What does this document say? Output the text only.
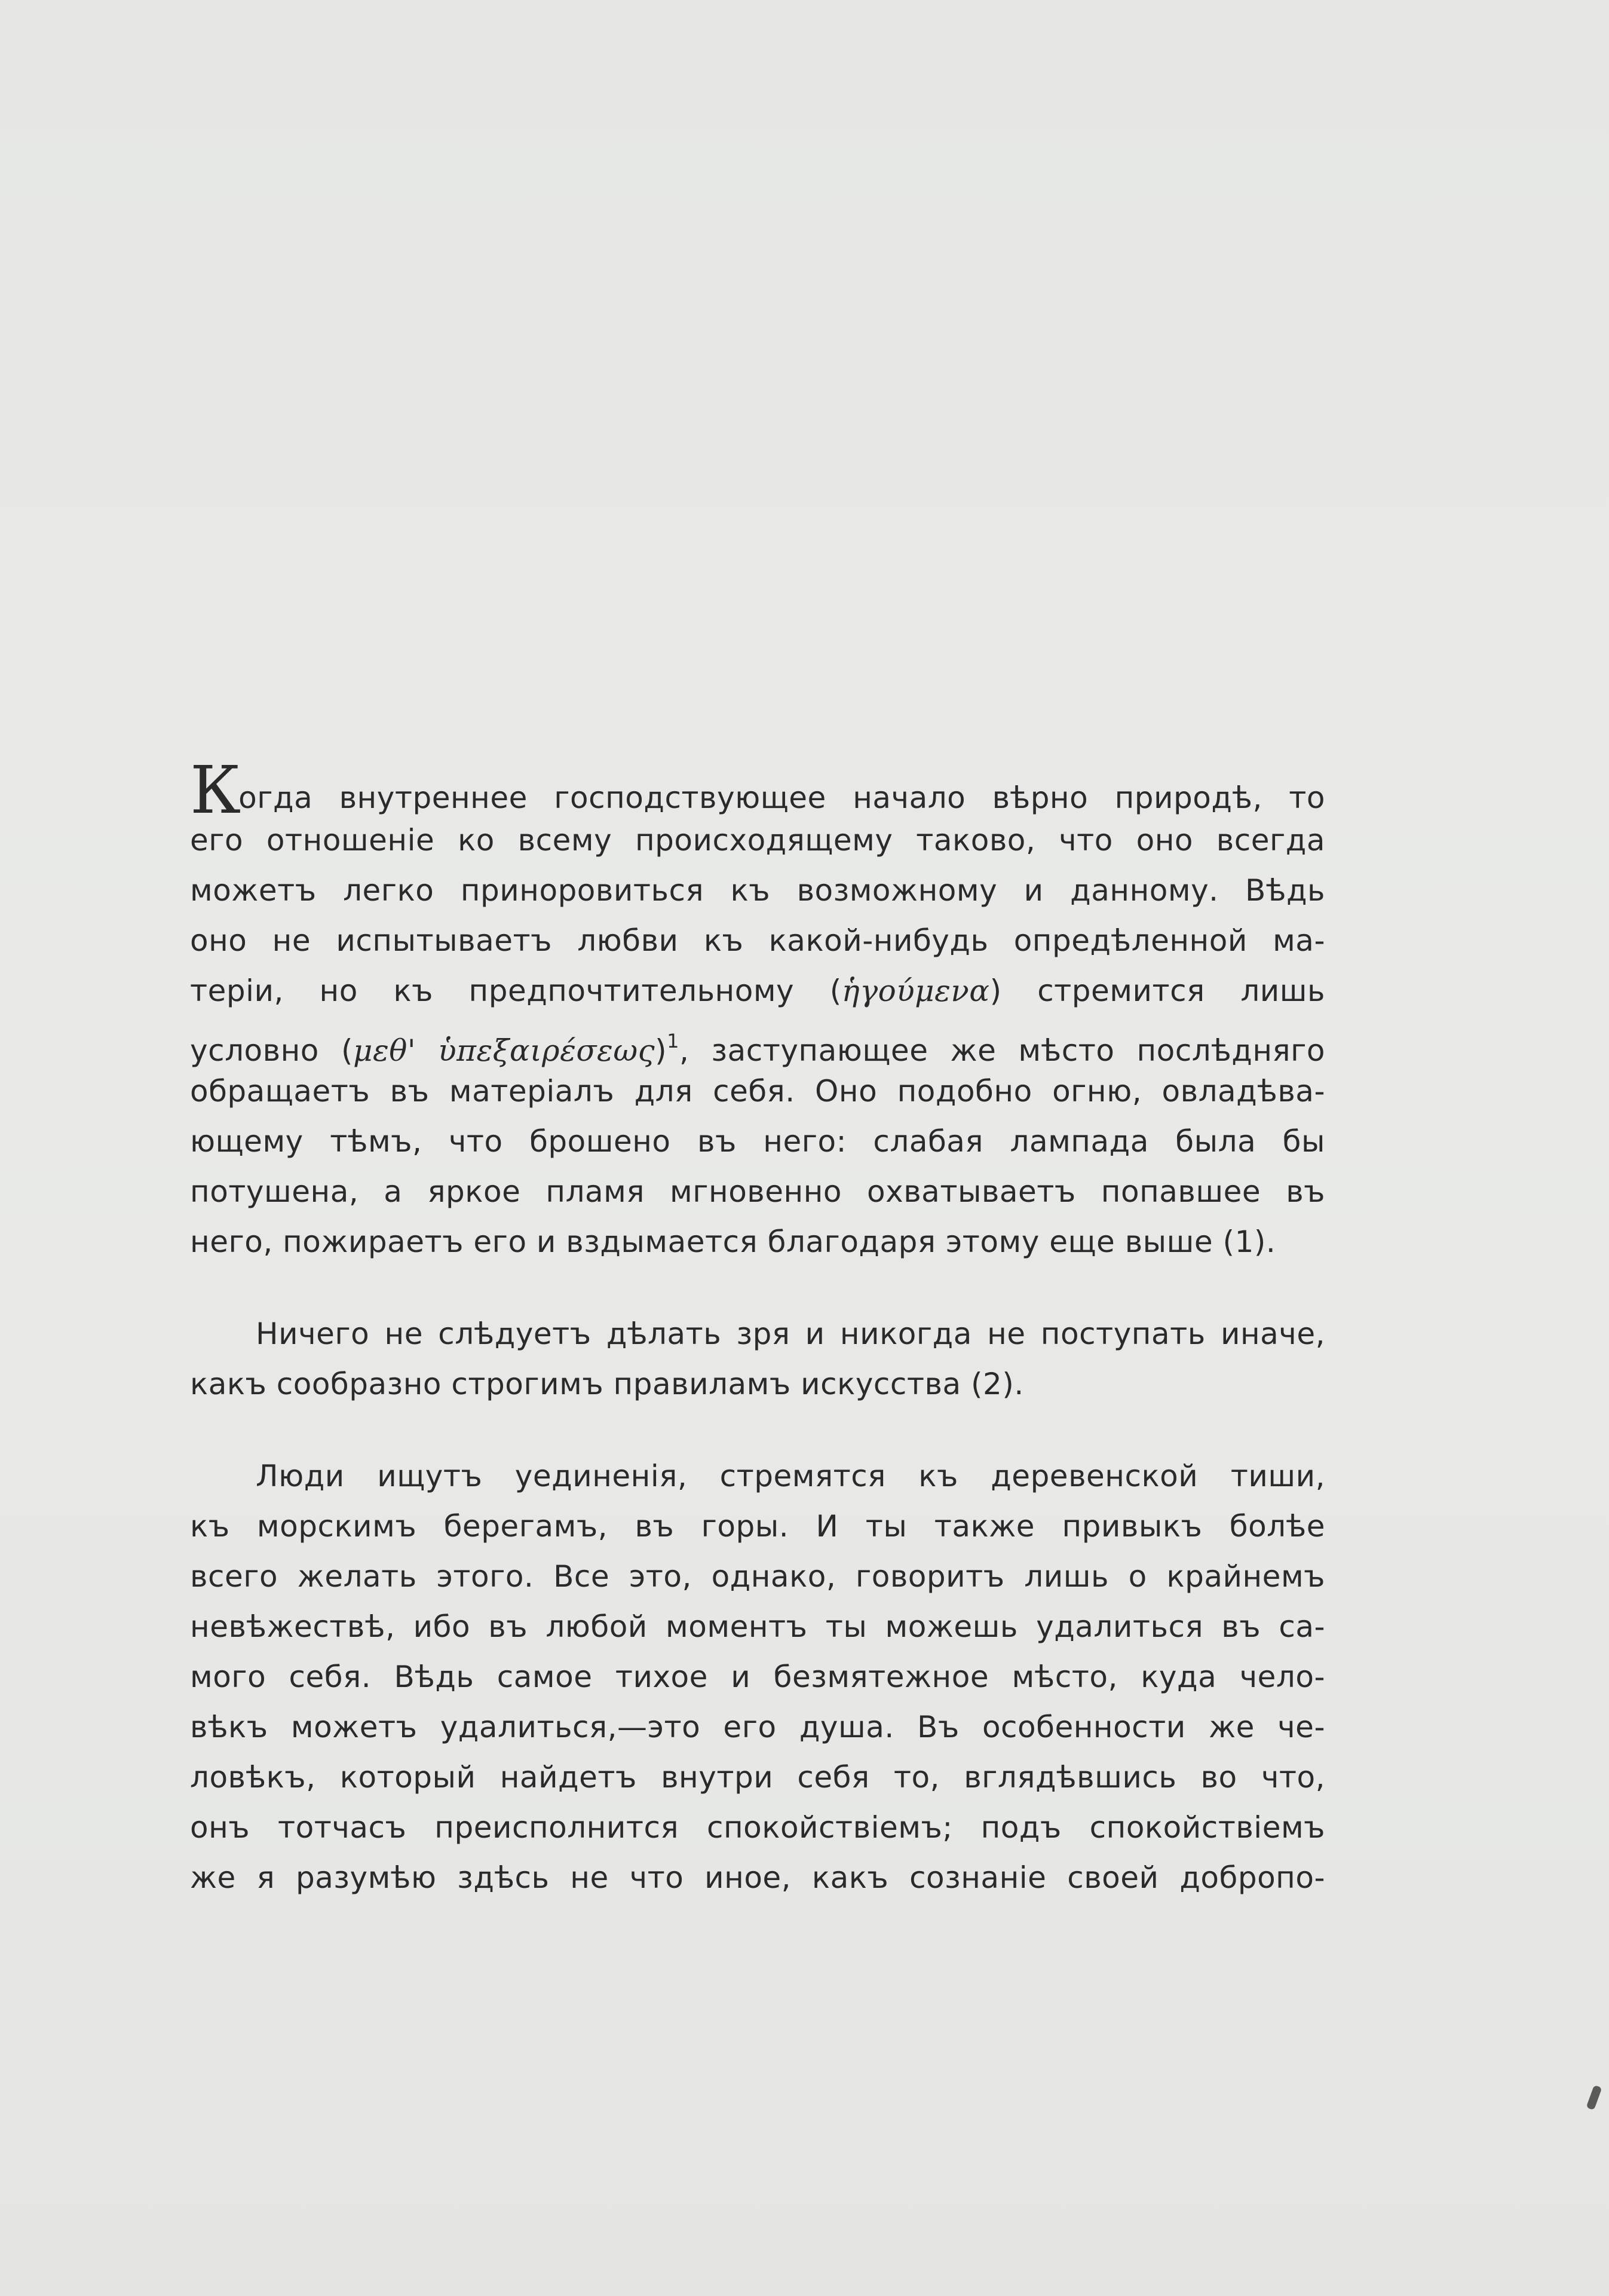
Когда внутреннее господствующее начало вѣрно природѣ, то
его отношеніе ко всему происходящему таково, что оно всегда
можетъ легко приноровиться къ возможному и данному. Вѣдь
оно не испытываетъ любви къ какой-нибудь опредѣленной ма-
теріи, но къ предпочтительному (ἡγούμενα) стремится лишь
условно (μεθ' ὑπεξαιρέσεως)$^1$, заступающее же мѣсто послѣдняго
обращаетъ въ матеріалъ для себя. Оно подобно огню, овладѣва-
ющему тѣмъ, что брошено въ него: слабая лампада была бы
потушена, а яркое пламя мгновенно охватываетъ попавшее въ
него, пожираетъ его и вздымается благодаря этому еще выше (1).
Ничего не слѣдуетъ дѣлать зря и никогда не поступать иначе,
какъ сообразно строгимъ правиламъ искусства (2).
Люди ищутъ уединенія, стремятся къ деревенской тиши,
къ морскимъ берегамъ, въ горы. И ты также привыкъ болѣе
всего желать этого. Все это, однако, говоритъ лишь о крайнемъ
невѣжествѣ, ибо въ любой моментъ ты можешь удалиться въ са-
мого себя. Вѣдь самое тихое и безмятежное мѣсто, куда чело-
вѣкъ можетъ удалиться,—это его душа. Въ особенности же че-
ловѣкъ, который найдетъ внутри себя то, вглядѣвшись во что,
онъ тотчасъ преисполнится спокойствіемъ; подъ спокойствіемъ
же я разумѣю здѣсь не что иное, какъ сознаніе своей добропо-
